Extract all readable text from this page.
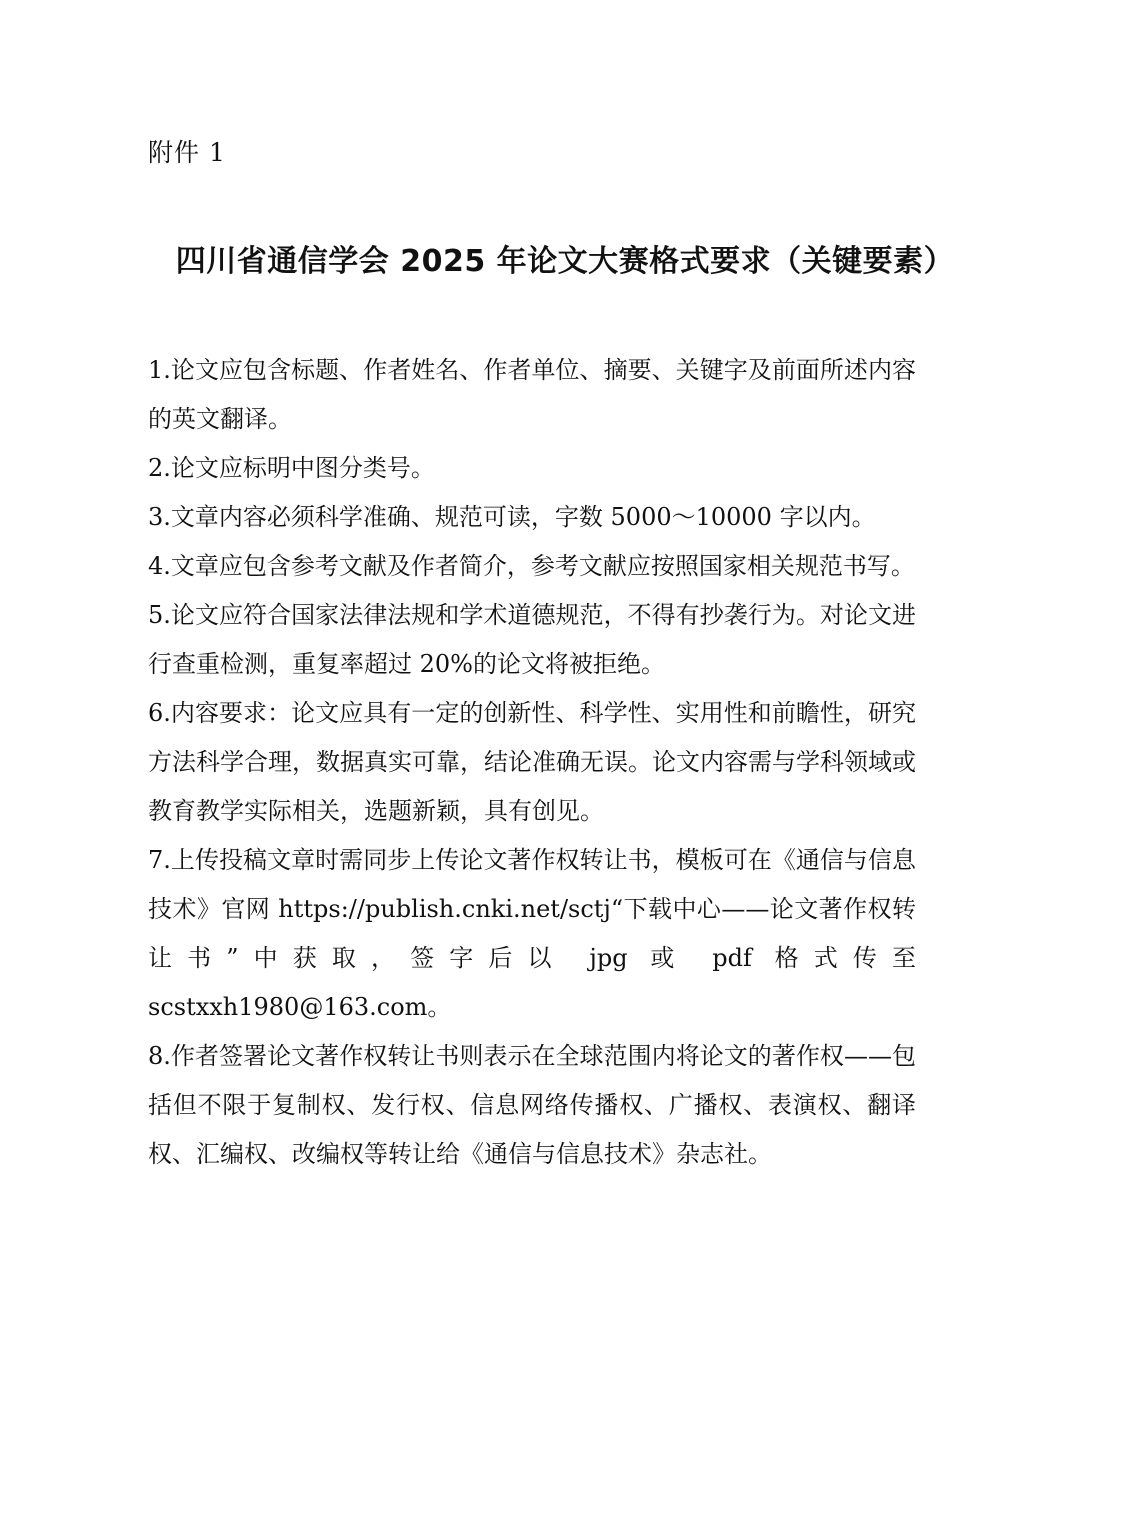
附件 1
四川省通信学会 2025 年论文大赛格式要求（关键要素）

1.论文应包含标题、作者姓名、作者单位、摘要、关键字及前面所述内容的英文翻译。

2.论文应标明中图分类号。

3.文章内容必须科学准确、规范可读，字数 5000～10000 字以内。

4.文章应包含参考文献及作者简介，参考文献应按照国家相关规范书写。

5.论文应符合国家法律法规和学术道德规范，不得有抄袭行为。对论文进行查重检测，重复率超过 20%的论文将被拒绝。

6.内容要求：论文应具有一定的创新性、科学性、实用性和前瞻性，研究方法科学合理，数据真实可靠，结论准确无误。论文内容需与学科领域或教育教学实际相关，选题新颖，具有创见。

7.上传投稿文章时需同步上传论文著作权转让书，模板可在《通信与信息技术》官网 https://publish.cnki.net/sctj“下载中心——论文著作权转让书”中获取，签字后以 jpg 或 pdf 格式传至scstxxh1980@163.com。

8.作者签署论文著作权转让书则表示在全球范围内将论文的著作权——包括但不限于复制权、发行权、信息网络传播权、广播权、表演权、翻译权、汇编权、改编权等转让给《通信与信息技术》杂志社。
